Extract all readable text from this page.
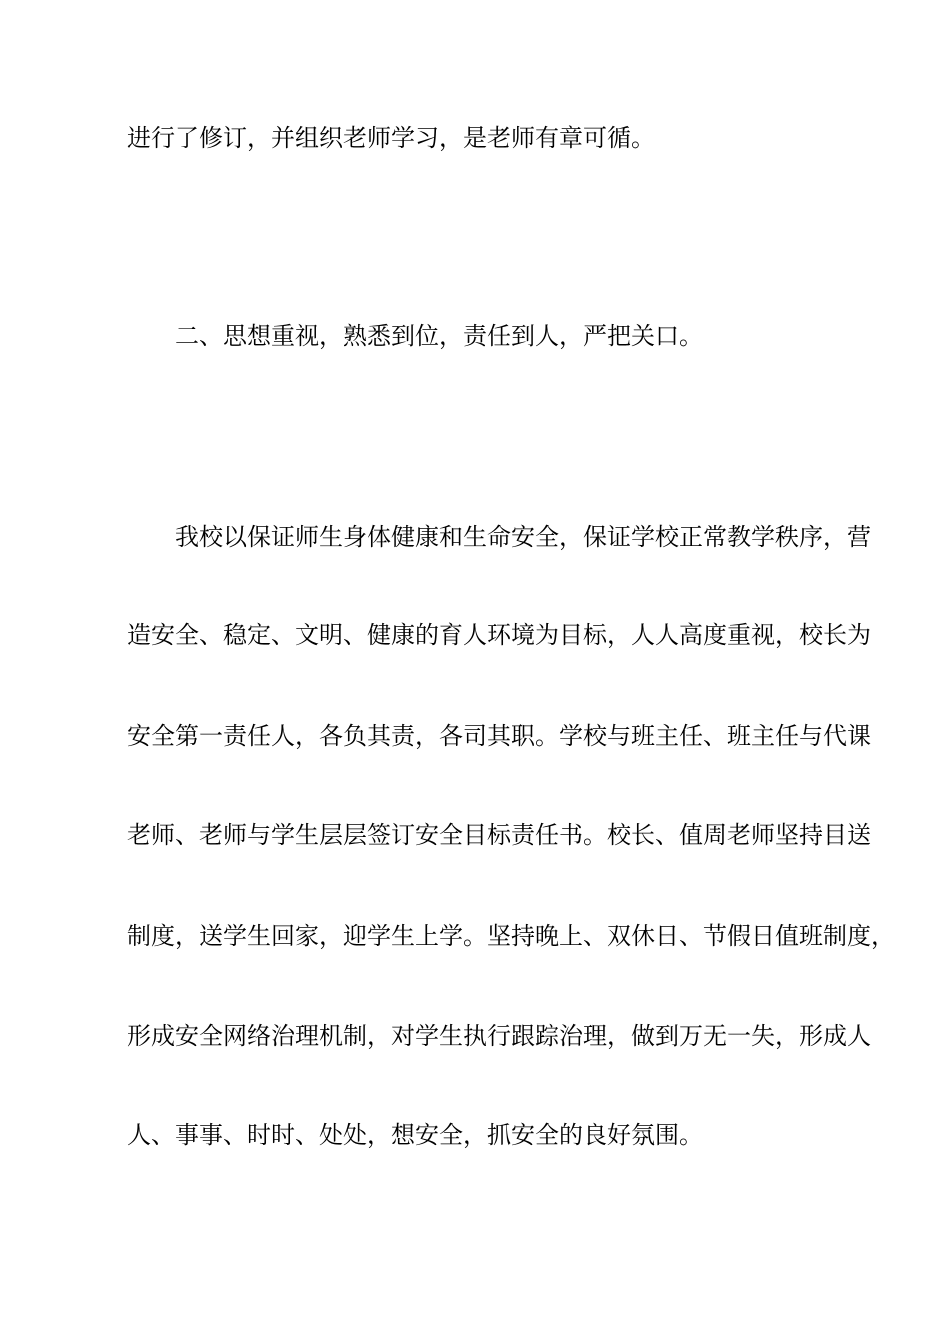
进行了修订，并组织老师学习，是老师有章可循。
二、思想重视，熟悉到位，责任到人，严把关口。
我校以保证师生身体健康和生命安全，保证学校正常教学秩序，营
造安全、稳定、文明、健康的育人环境为目标，人人高度重视，校长为
安全第一责任人，各负其责，各司其职。学校与班主任、班主任与代课
老师、老师与学生层层签订安全目标责任书。校长、值周老师坚持目送
制度，送学生回家，迎学生上学。坚持晚上、双休日、节假日值班制度，
形成安全网络治理机制，对学生执行跟踪治理，做到万无一失，形成人
人、事事、时时、处处，想安全，抓安全的良好氛围。
